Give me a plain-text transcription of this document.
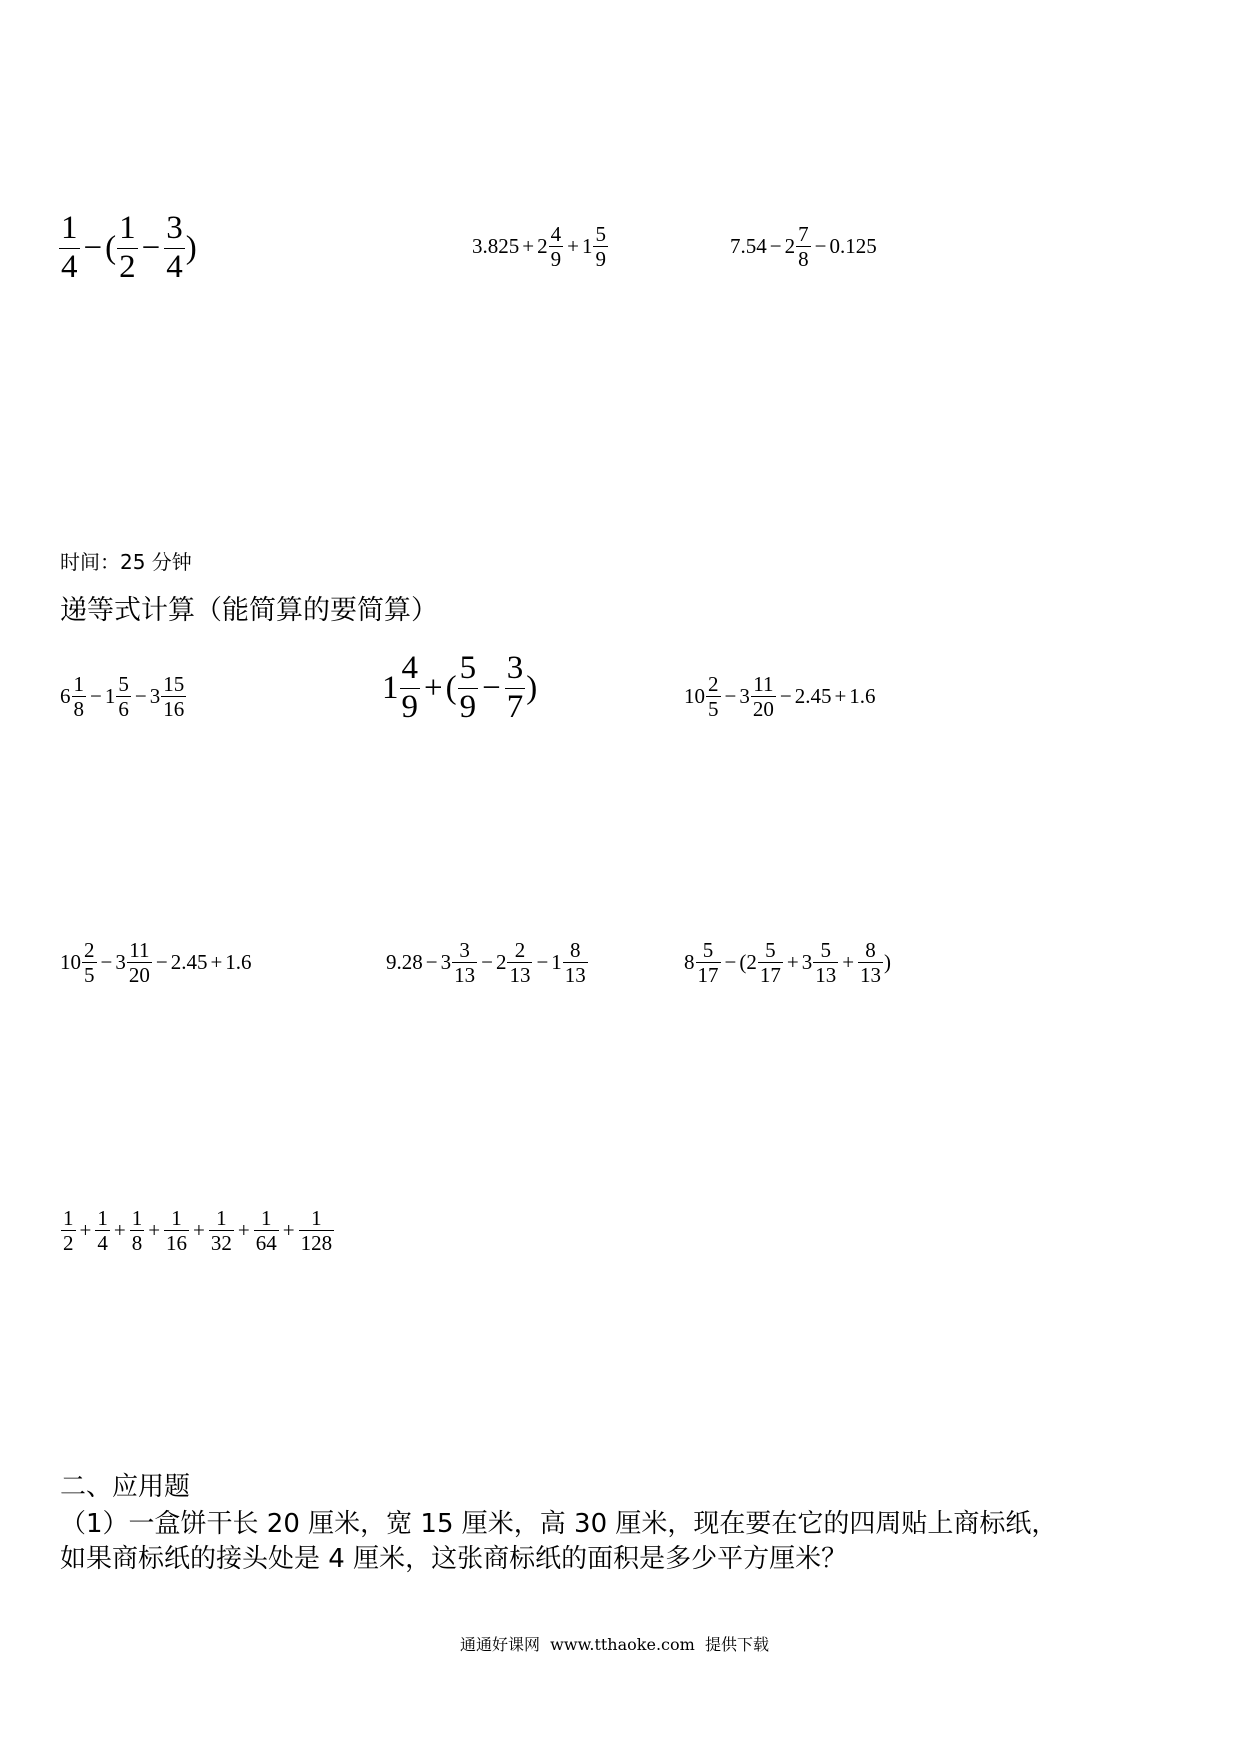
$\frac{1}{4}$ − ( $\frac{1}{2} - \frac{3}{4}$ )	$3.825 + 2 \frac{4}{9} + 1 \frac{5}{9}$	$7.54 - 2 \frac{7}{8} - 0.125$
时间：25 分钟
递等式计算（能简算的要简算）
$6 \frac{1}{8} - 1 \frac{5}{6} - 3 \frac{15}{16}$	$1 \frac{4}{9}$ + ( $\frac{5}{9} - \frac{3}{7}$ )	$10 \frac{2}{5} - 3 \frac{11}{20} - 2.45 + 1.6$
$10 \frac{2}{5} - 3 \frac{11}{20} - 2.45 + 1.6$	$9.28 - 3 \frac{3}{13} - 2 \frac{2}{13} - 1 \frac{8}{13}$	$8 \frac{5}{17}$ − ( $2 \frac{5}{17} + 3 \frac{5}{13} + \frac{8}{13}$ )
$\frac{1}{2} + \frac{1}{4} + \frac{1}{8} + \frac{1}{16} + \frac{1}{32} + \frac{1}{64} + \frac{1}{128}$
二、应用题
（1）一盒饼干长 20 厘米，宽 15 厘米，高 30 厘米，现在要在它的四周贴上商标纸，
如果商标纸的接头处是 4 厘米，这张商标纸的面积是多少平方厘米？
通通好课网  www.tthaoke.com  提供下载
